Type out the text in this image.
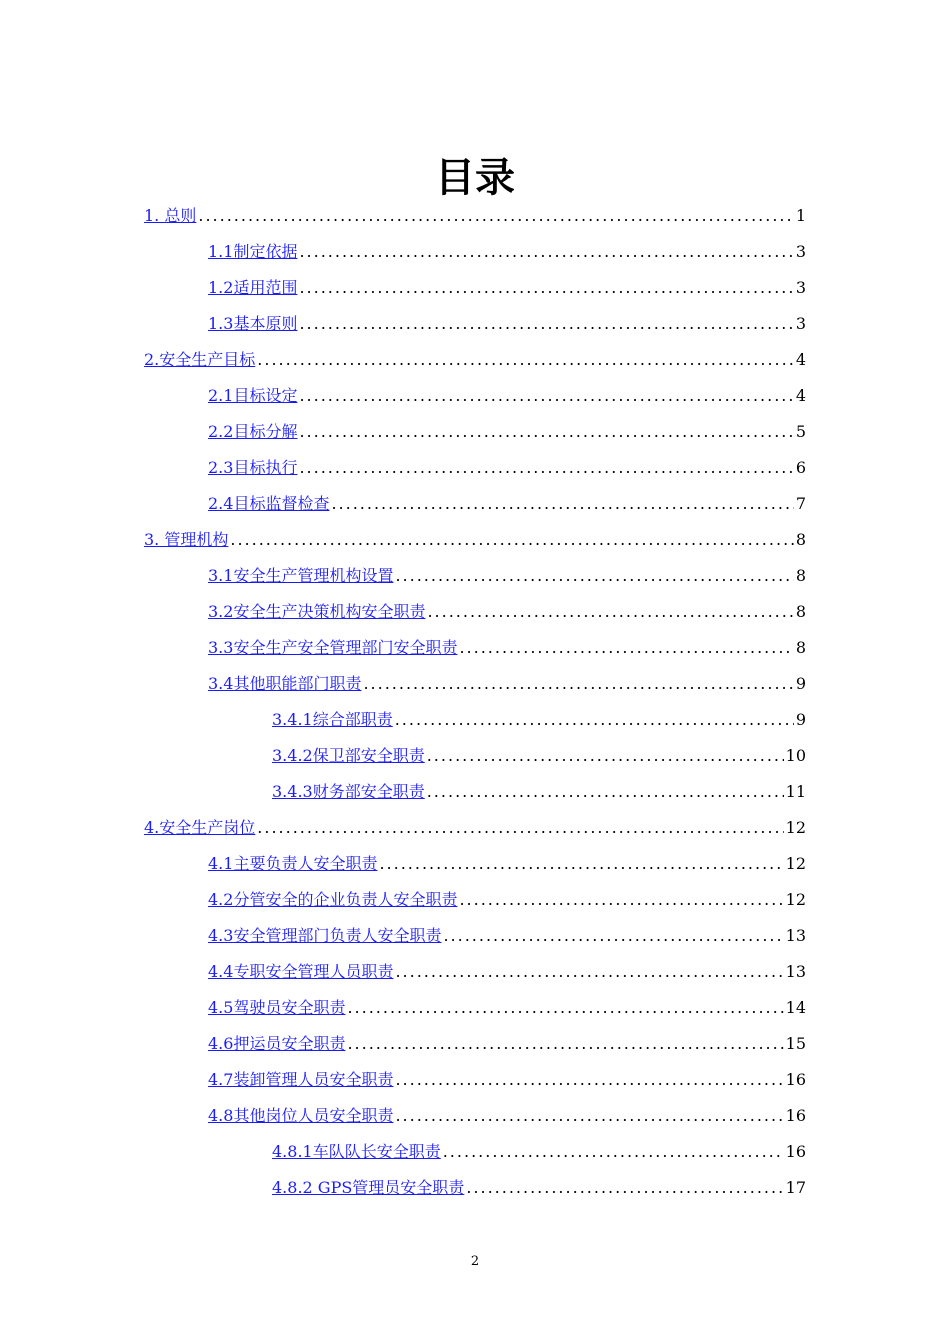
目录
1. 总则 .....	1
1.1制定依据 .....	3
1.2适用范围 .....	3
1.3基本原则 .....	3
2.安全生产目标 .....	4
2.1目标设定 .....	4
2.2目标分解 .....	5
2.3目标执行 .....	6
2.4目标监督检查 .....	7
3. 管理机构 .....	8
3.1安全生产管理机构设置 .....	8
3.2安全生产决策机构安全职责 .....	8
3.3安全生产安全管理部门安全职责 .....	8
3.4其他职能部门职责 .....	9
3.4.1综合部职责 .....	9
3.4.2保卫部安全职责 .....	10
3.4.3财务部安全职责 .....	11
4.安全生产岗位 .....	12
4.1主要负责人安全职责 .....	12
4.2分管安全的企业负责人安全职责 .....	12
4.3安全管理部门负责人安全职责 .....	13
4.4专职安全管理人员职责 .....	13
4.5驾驶员安全职责 .....	14
4.6押运员安全职责 .....	15
4.7装卸管理人员安全职责 .....	16
4.8其他岗位人员安全职责 .....	16
4.8.1车队队长安全职责 .....	16
4.8.2 GPS管理员安全职责 .....	17
2
